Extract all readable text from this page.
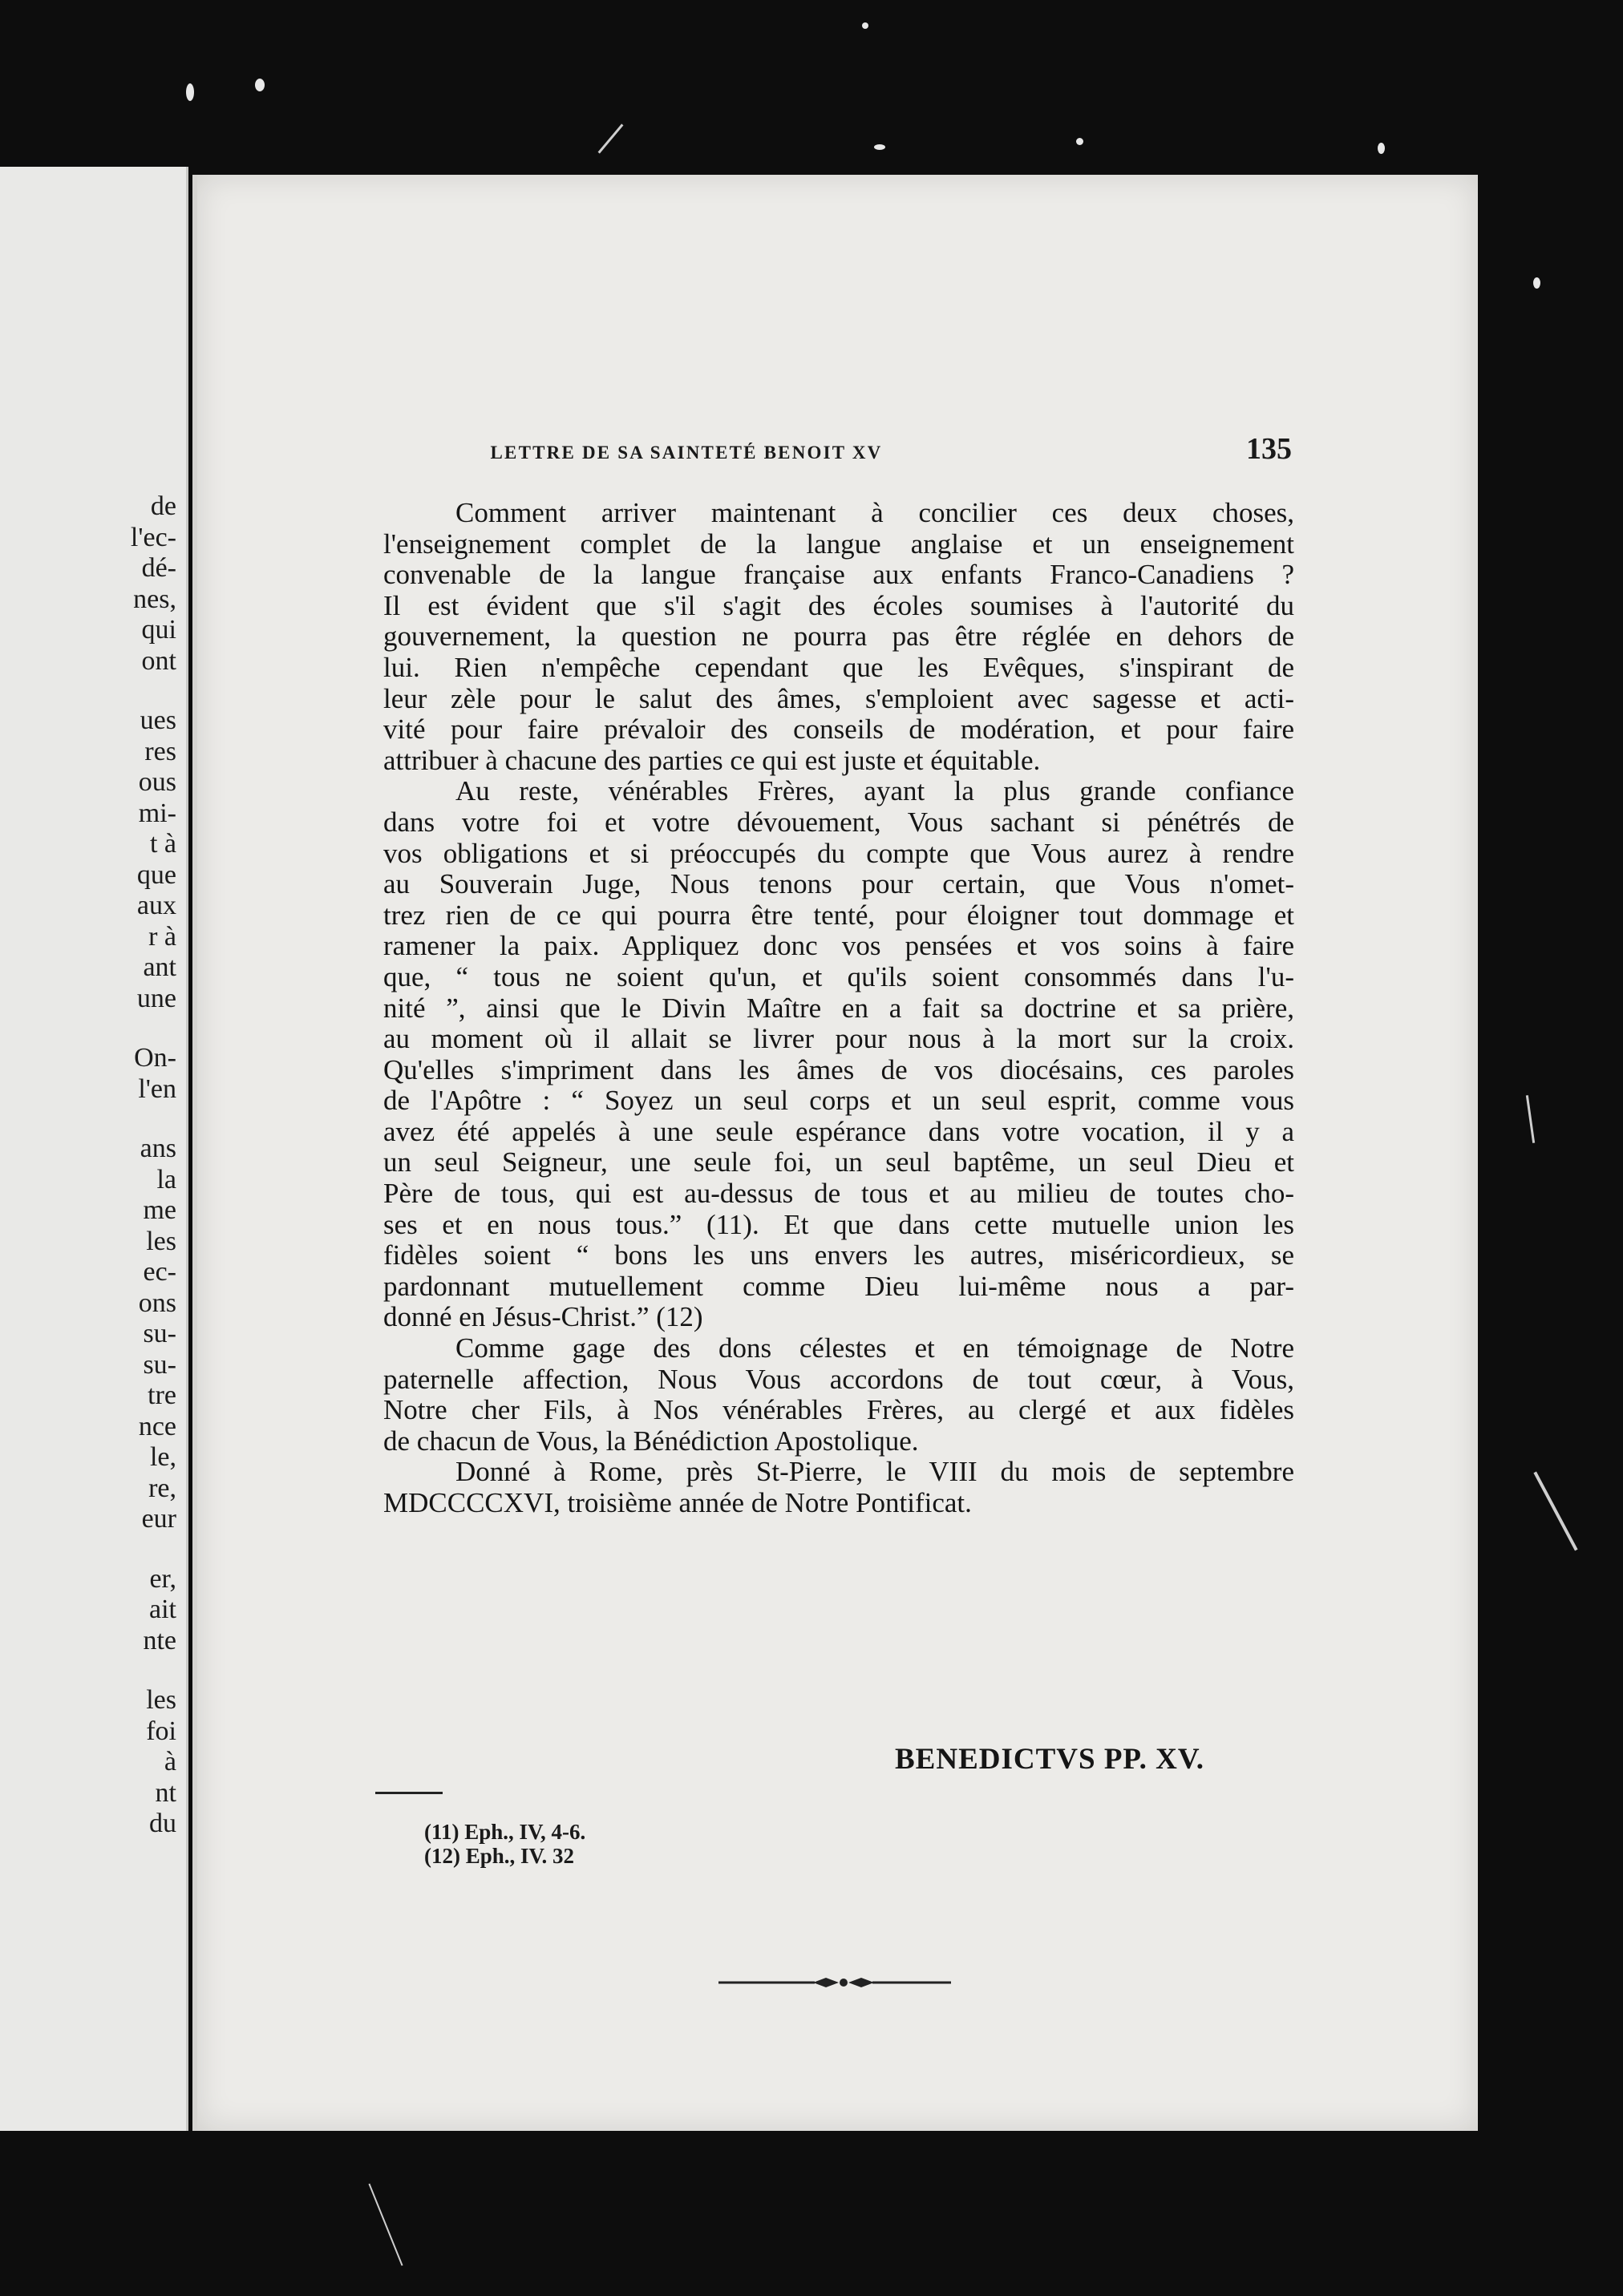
de
l'ec-
dé-
nes,
qui
ont
ues
res
ous
mi-
t à
que
aux
r à
ant
une
On-
l'en
ans
la
me
les
ec-
ons
su-
su-
tre
nce
le,
re,
eur
er,
ait
nte
les
foi
à
nt
du
LETTRE DE SA SAINTETÉ BENOIT XV	135
Comment arriver maintenant à concilier ces deux choses,
l'enseignement complet de la langue anglaise et un enseignement
convenable de la langue française aux enfants Franco-Canadiens ?
Il est évident que s'il s'agit des écoles soumises à l'autorité du
gouvernement, la question ne pourra pas être réglée en dehors de
lui. Rien n'empêche cependant que les Evêques, s'inspirant de
leur zèle pour le salut des âmes, s'emploient avec sagesse et acti-
vité pour faire prévaloir des conseils de modération, et pour faire
attribuer à chacune des parties ce qui est juste et équitable.
Au reste, vénérables Frères, ayant la plus grande confiance
dans votre foi et votre dévouement, Vous sachant si pénétrés de
vos obligations et si préoccupés du compte que Vous aurez à rendre
au Souverain Juge, Nous tenons pour certain, que Vous n'omet-
trez rien de ce qui pourra être tenté, pour éloigner tout dommage et
ramener la paix. Appliquez donc vos pensées et vos soins à faire
que, “ tous ne soient qu'un, et qu'ils soient consommés dans l'u-
nité ”, ainsi que le Divin Maître en a fait sa doctrine et sa prière,
au moment où il allait se livrer pour nous à la mort sur la croix.
Qu'elles s'impriment dans les âmes de vos diocésains, ces paroles
de l'Apôtre : “ Soyez un seul corps et un seul esprit, comme vous
avez été appelés à une seule espérance dans votre vocation, il y a
un seul Seigneur, une seule foi, un seul baptême, un seul Dieu et
Père de tous, qui est au-dessus de tous et au milieu de toutes cho-
ses et en nous tous.” (11). Et que dans cette mutuelle union les
fidèles soient “ bons les uns envers les autres, miséricordieux, se
pardonnant mutuellement comme Dieu lui-même nous a par-
donné en Jésus-Christ.” (12)
Comme gage des dons célestes et en témoignage de Notre
paternelle affection, Nous Vous accordons de tout cœur, à Vous,
Notre cher Fils, à Nos vénérables Frères, au clergé et aux fidèles
de chacun de Vous, la Bénédiction Apostolique.
Donné à Rome, près St-Pierre, le VIII du mois de septembre
MDCCCCXVI, troisième année de Notre Pontificat.
BENEDICTVS PP. XV.
(11) Eph., IV, 4-6.
(12) Eph., IV. 32
